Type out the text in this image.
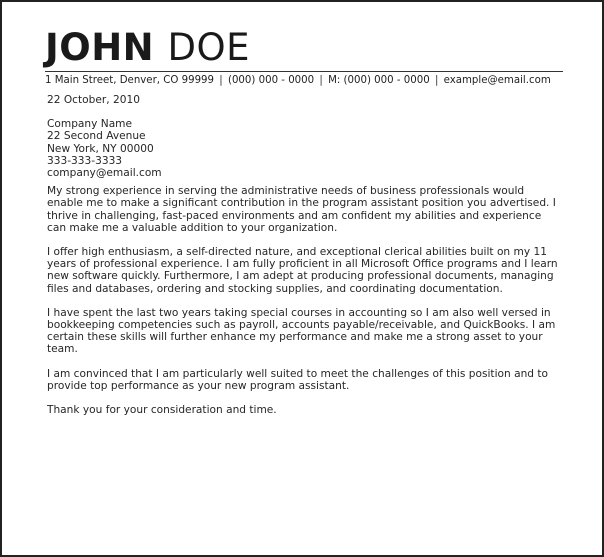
JOHN DOE
1 Main Street, Denver, CO 99999 | (000) 000 - 0000 | M: (000) 000 - 0000 | example@email.com

22 October, 2010

Company Name
22 Second Avenue
New York, NY 00000
333-333-3333
company@email.com

My strong experience in serving the administrative needs of business professionals would enable me to make a significant contribution in the program assistant position you advertised. I thrive in challenging, fast-paced environments and am confident my abilities and experience can make me a valuable addition to your organization.

I offer high enthusiasm, a self-directed nature, and exceptional clerical abilities built on my 11 years of professional experience. I am fully proficient in all Microsoft Office programs and I learn new software quickly. Furthermore, I am adept at producing professional documents, managing files and databases, ordering and stocking supplies, and coordinating documentation.

I have spent the last two years taking special courses in accounting so I am also well versed in bookkeeping competencies such as payroll, accounts payable/receivable, and QuickBooks. I am certain these skills will further enhance my performance and make me a strong asset to your team.

I am convinced that I am particularly well suited to meet the challenges of this position and to provide top performance as your new program assistant.

Thank you for your consideration and time.
